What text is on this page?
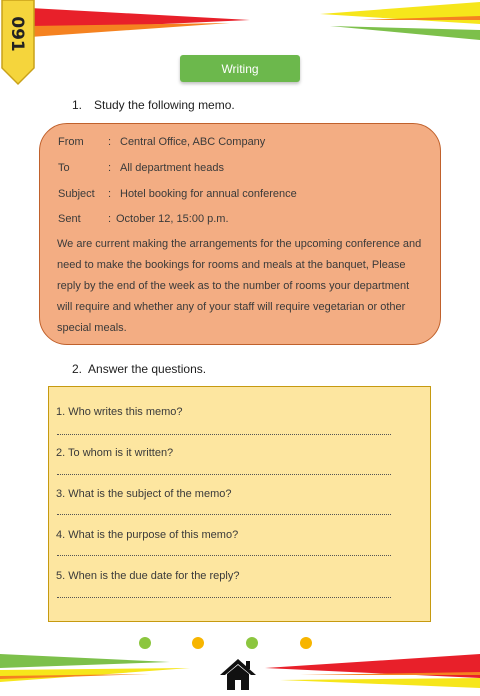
091
Writing
1. Study the following memo.
From : Central Office, ABC Company
To	: All department heads
Subject : Hotel booking for annual conference
Sent : October 12, 15:00 p.m.
We are current making the arrangements for the upcoming conference and
need to make the bookings for rooms and meals at the banquet, Please
reply by the end of the week as to the number of rooms your department
will require and whether any of your staff will require vegetarian or other
special meals.
2.  Answer the questions.
1. Who writes this memo?
2. To whom is it written?
3. What is the subject of the memo?
4. What is the purpose of this memo?
5. When is the due date for the reply?
